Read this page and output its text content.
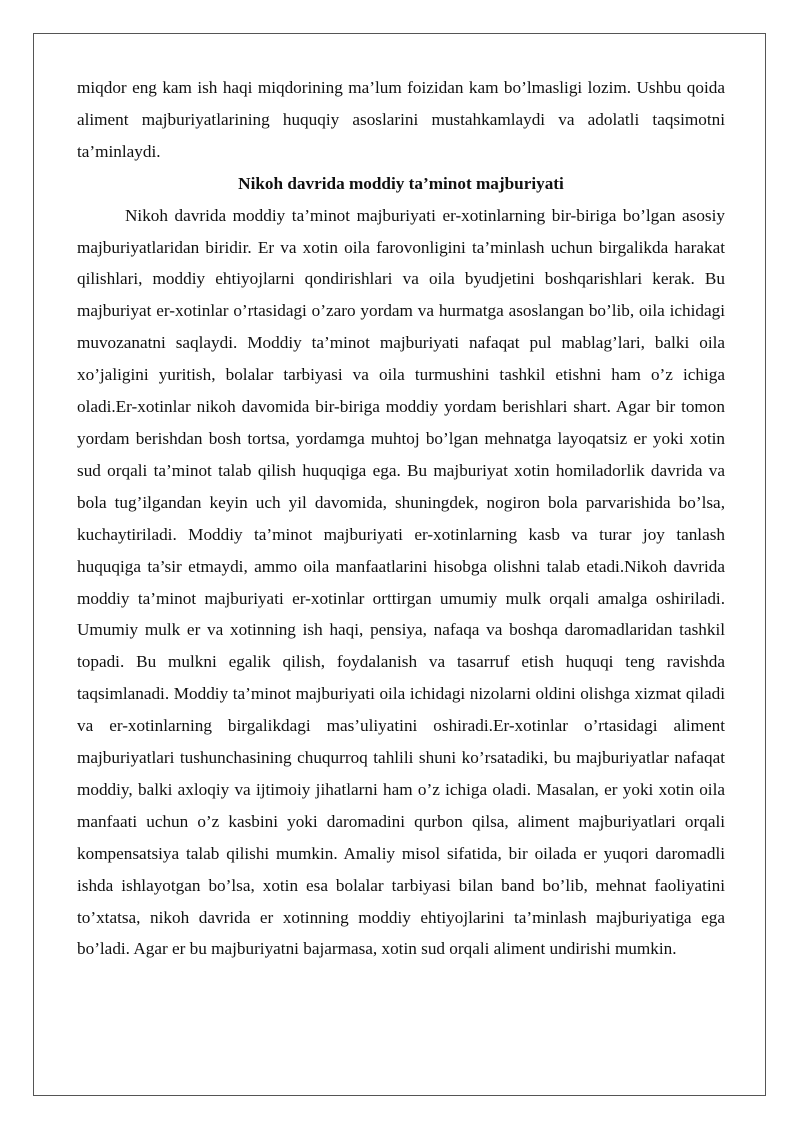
miqdor eng kam ish haqi miqdorining ma’lum foizidan kam bo’lmasligi lozim. Ushbu qoida aliment majburiyatlarining huquqiy asoslarini mustahkamlaydi va adolatli taqsimotni ta’minlaydi.

Nikoh davrida moddiy ta’minot majburiyati

Nikoh davrida moddiy ta’minot majburiyati er-xotinlarning bir-biriga bo’lgan asosiy majburiyatlaridan biridir. Er va xotin oila farovonligini ta’minlash uchun birgalikda harakat qilishlari, moddiy ehtiyojlarni qondirishlari va oila byudjetini boshqarishlari kerak. Bu majburiyat er-xotinlar o’rtasidagi o’zaro yordam va hurmatga asoslangan bo’lib, oila ichidagi muvozanatni saqlaydi. Moddiy ta’minot majburiyati nafaqat pul mablag’lari, balki oila xo’jaligini yuritish, bolalar tarbiyasi va oila turmushini tashkil etishni ham o’z ichiga oladi.Er-xotinlar nikoh davomida bir-biriga moddiy yordam berishlari shart. Agar bir tomon yordam berishdan bosh tortsa, yordamga muhtoj bo’lgan mehnatga layoqatsiz er yoki xotin sud orqali ta’minot talab qilish huquqiga ega. Bu majburiyat xotin homiladorlik davrida va bola tug’ilgandan keyin uch yil davomida, shuningdek, nogiron bola parvarishida bo’lsa, kuchaytiriladi. Moddiy ta’minot majburiyati er-xotinlarning kasb va turar joy tanlash huquqiga ta’sir etmaydi, ammo oila manfaatlarini hisobga olishni talab etadi.Nikoh davrida moddiy ta’minot majburiyati er-xotinlar orttirgan umumiy mulk orqali amalga oshiriladi. Umumiy mulk er va xotinning ish haqi, pensiya, nafaqa va boshqa daromadlaridan tashkil topadi. Bu mulkni egalik qilish, foydalanish va tasarruf etish huquqi teng ravishda taqsimlanadi. Moddiy ta’minot majburiyati oila ichidagi nizolarni oldini olishga xizmat qiladi va er-xotinlarning birgalikdagi mas’uliyatini oshiradi.Er-xotinlar o’rtasidagi aliment majburiyatlari tushunchasining chuqurroq tahlili shuni ko’rsatadiki, bu majburiyatlar nafaqat moddiy, balki axloqiy va ijtimoiy jihatlarni ham o’z ichiga oladi. Masalan, er yoki xotin oila manfaati uchun o’z kasbini yoki daromadini qurbon qilsa, aliment majburiyatlari orqali kompensatsiya talab qilishi mumkin. Amaliy misol sifatida, bir oilada er yuqori daromadli ishda ishlayotgan bo’lsa, xotin esa bolalar tarbiyasi bilan band bo’lib, mehnat faoliyatini to’xtatsa, nikoh davrida er xotinning moddiy ehtiyojlarini ta’minlash majburiyatiga ega bo’ladi. Agar er bu majburiyatni bajarmasa, xotin sud orqali aliment undirishi mumkin.
